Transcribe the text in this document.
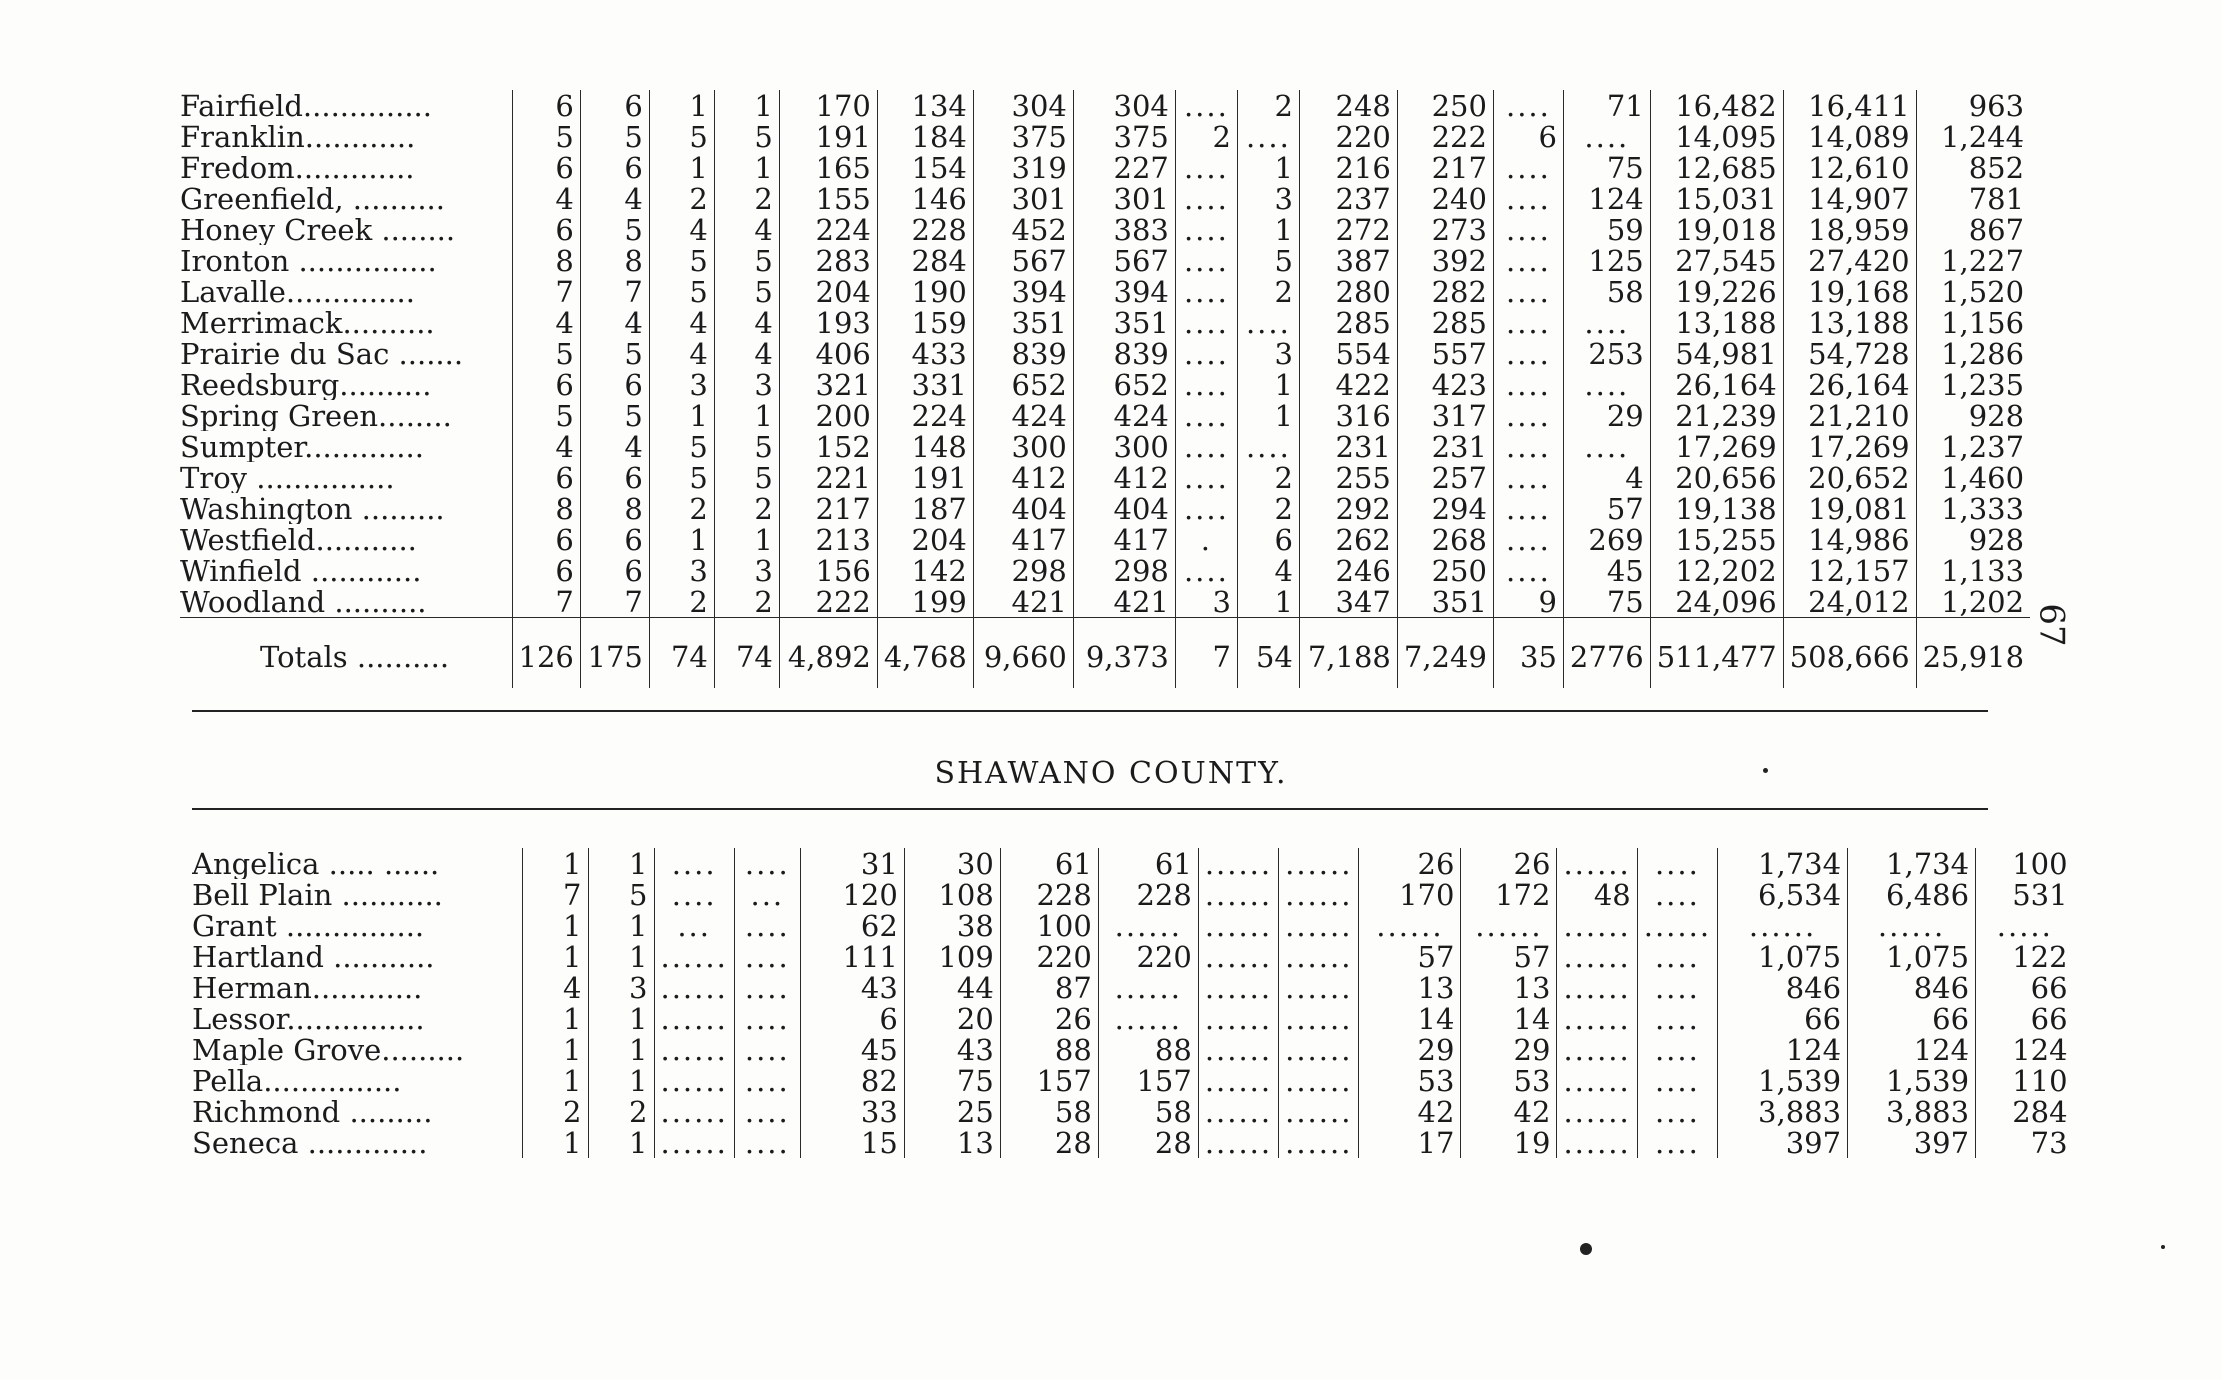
Fairfield..............	6	6	1	1	170	134	304	304	....	2	248	250	....	71	16,482	16,411	963
Franklin............	5	5	5	5	191	184	375	375	2	....	220	222	6	....	14,095	14,089	1,244
Fredom.............	6	6	1	1	165	154	319	227	....	1	216	217	....	75	12,685	12,610	852
Greenfield, ..........	4	4	2	2	155	146	301	301	....	3	237	240	....	124	15,031	14,907	781
Honey Creek ........	6	5	4	4	224	228	452	383	....	1	272	273	....	59	19,018	18,959	867
Ironton ...............	8	8	5	5	283	284	567	567	....	5	387	392	....	125	27,545	27,420	1,227
Lavalle..............	7	7	5	5	204	190	394	394	....	2	280	282	....	58	19,226	19,168	1,520
Merrimack..........	4	4	4	4	193	159	351	351	....	....	285	285	....	....	13,188	13,188	1,156
Prairie du Sac .......	5	5	4	4	406	433	839	839	....	3	554	557	....	253	54,981	54,728	1,286
Reedsburg..........	6	6	3	3	321	331	652	652	....	1	422	423	....	....	26,164	26,164	1,235
Spring Green........	5	5	1	1	200	224	424	424	....	1	316	317	....	29	21,239	21,210	928
Sumpter.............	4	4	5	5	152	148	300	300	....	....	231	231	....	....	17,269	17,269	1,237
Troy ...............	6	6	5	5	221	191	412	412	....	2	255	257	....	4	20,656	20,652	1,460
Washington .........	8	8	2	2	217	187	404	404	....	2	292	294	....	57	19,138	19,081	1,333
Westfield...........	6	6	1	1	213	204	417	417	.	6	262	268	....	269	15,255	14,986	928
Winfield ............	6	6	3	3	156	142	298	298	....	4	246	250	....	45	12,202	12,157	1,133
Woodland ..........	7	7	2	2	222	199	421	421	3	1	347	351	9	75	24,096	24,012	1,202
Totals ..........	126	175	74	74	4,892	4,768	9,660	9,373	7	54	7,188	7,249	35	2776	511,477	508,666	25,918
SHAWANO COUNTY.
Angelica ..... ......	1	1	....	....	31	30	61	61	......	......	26	26	......	....	1,734	1,734	100
Bell Plain ...........	7	5	....	...	120	108	228	228	......	......	170	172	48	....	6,534	6,486	531
Grant ...............	1	1	...	....	62	38	100	......	......	......	......	......	......	......	......	......	.....
Hartland ...........	1	1	......	....	111	109	220	220	......	......	57	57	......	....	1,075	1,075	122
Herman............	4	3	......	....	43	44	87	......	......	......	13	13	......	....	846	846	66
Lessor...............	1	1	......	....	6	20	26	......	......	......	14	14	......	....	66	66	66
Maple Grove.........	1	1	......	....	45	43	88	88	......	......	29	29	......	....	124	124	124
Pella...............	1	1	......	....	82	75	157	157	......	......	53	53	......	....	1,539	1,539	110
Richmond .........	2	2	......	....	33	25	58	58	......	......	42	42	......	....	3,883	3,883	284
Seneca .............	1	1	......	....	15	13	28	28	......	......	17	19	......	....	397	397	73
67
